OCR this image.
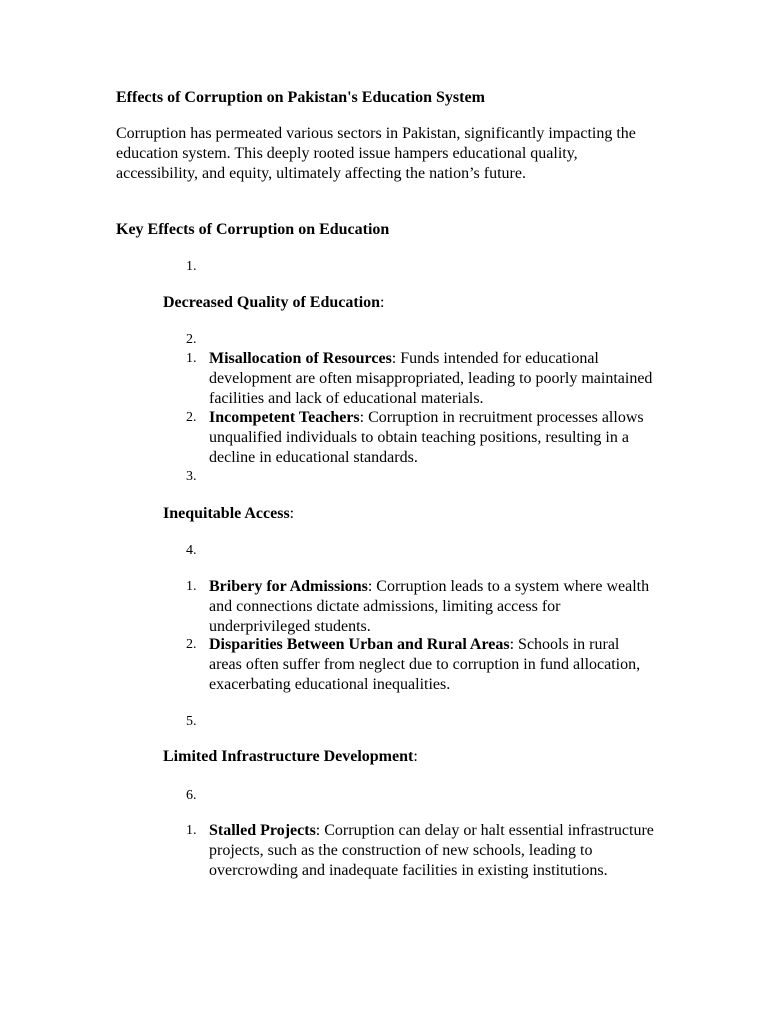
Effects of Corruption on Pakistan's Education System
Corruption has permeated various sectors in Pakistan, significantly impacting the education system. This deeply rooted issue hampers educational quality, accessibility, and equity, ultimately affecting the nation’s future.
Key Effects of Corruption on Education
1.
2.
3.
4.
5.
6.
Decreased Quality of Education:
1. Misallocation of Resources: Funds intended for educational development are often misappropriated, leading to poorly maintained facilities and lack of educational materials.
2. Incompetent Teachers: Corruption in recruitment processes allows unqualified individuals to obtain teaching positions, resulting in a decline in educational standards.
Inequitable Access:
1. Bribery for Admissions: Corruption leads to a system where wealth and connections dictate admissions, limiting access for underprivileged students.
2. Disparities Between Urban and Rural Areas: Schools in rural areas often suffer from neglect due to corruption in fund allocation, exacerbating educational inequalities.
Limited Infrastructure Development:
1. Stalled Projects: Corruption can delay or halt essential infrastructure projects, such as the construction of new schools, leading to overcrowding and inadequate facilities in existing institutions.
